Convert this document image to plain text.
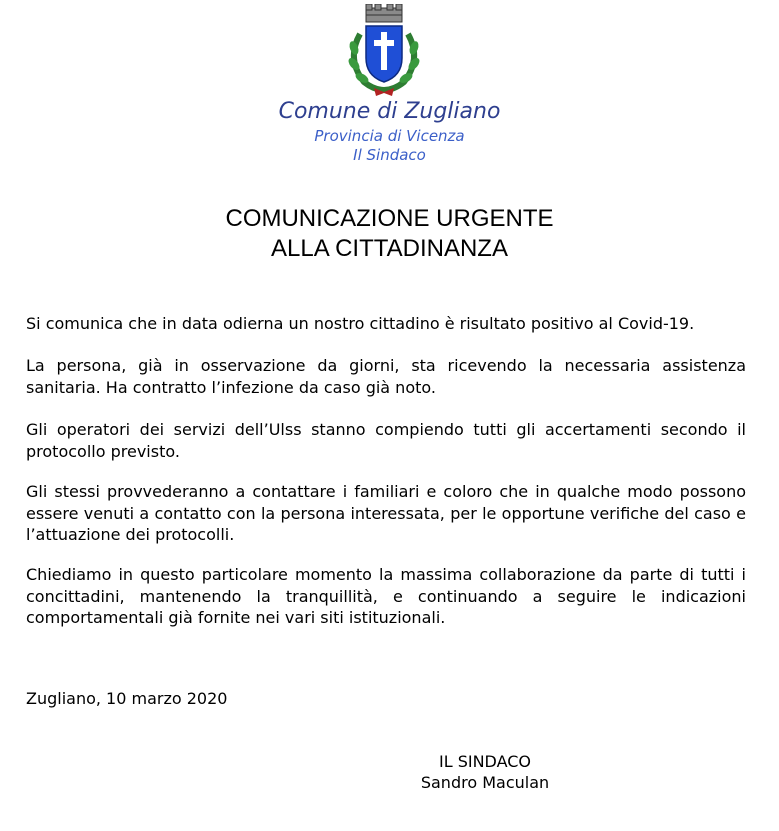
Comune di Zugliano
Provincia di Vicenza
Il Sindaco
COMUNICAZIONE URGENTE
ALLA CITTADINANZA
Si comunica che in data odierna un nostro cittadino è risultato positivo al Covid-19.
La persona, già in osservazione da giorni, sta ricevendo la necessaria assistenza sanitaria. Ha contratto l’infezione da caso già noto.
Gli operatori dei servizi dell’Ulss stanno compiendo tutti gli accertamenti secondo il protocollo previsto.
Gli stessi provvederanno a contattare i familiari e coloro che in qualche modo possono essere venuti a contatto con la persona interessata, per le opportune verifiche del caso e l’attuazione dei protocolli.
Chiediamo in questo particolare momento la massima collaborazione da parte di tutti i concittadini, mantenendo la tranquillità, e continuando a seguire le indicazioni comportamentali già fornite nei vari siti istituzionali.
Zugliano, 10 marzo 2020
IL SINDACO
Sandro Maculan
